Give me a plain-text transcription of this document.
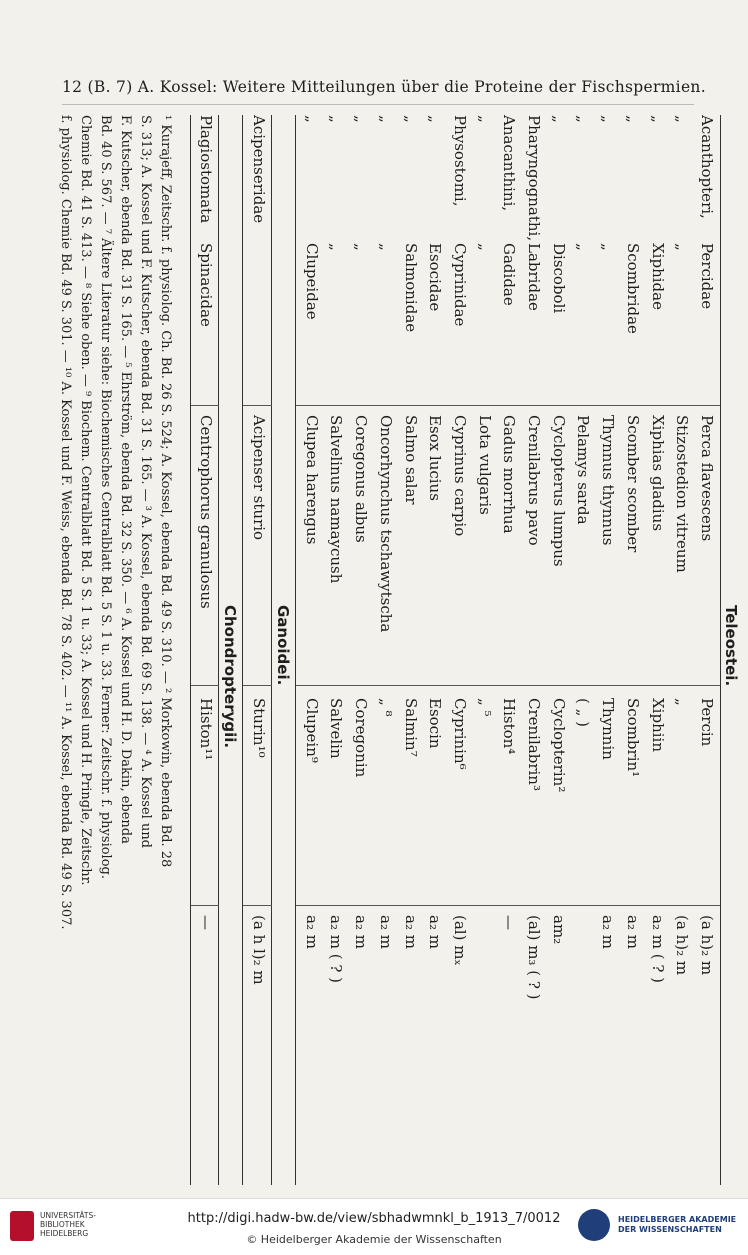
12 (B. 7) A. Kossel: Weitere Mitteilungen über die Proteine der Fischspermien.
Teleostei.
Acanthopteri,
Percidae
Perca flavescens
Percin
(a h)₂ m
„
„
Stizostedion vitreum
„
(a h)₂ m
„
Xiphidae
Xiphias gladius
Xiphiin
a₂ m ( ? )
„
Scombridae
Scomber scomber
Scombrin¹
a₂ m
„
„
Thynnus thynnus
Thynnin
a₂ m
„
„
Pelamys sarda
( „ )
„
Discoboli
Cyclopterus lumpus
Cyclopterin²
am₂
Pharyngognathi,
Labridae
Crenilabrus pavo
Crenilabrin³
(al) m₃ ( ? )
Anacanthini,
Gadidae
Gadus morrhua
Histon⁴
—
„
„
Lota vulgaris
„ ⁵
Physostomi,
Cyprinidae
Cyprinus carpio
Cyprinin⁶
(al) mₓ
„
Esocidae
Esox lucius
Esocin
a₂ m
„
Salmonidae
Salmo salar
Salmin⁷
a₂ m
„
„
Oncorhynchus tschawytscha
„ ⁸
a₂ m
„
„
Coregonus albus
Coregonin
a₂ m
„
„
Salvelinus namaycush
Salvelin
a₂ m ( ? )
„
Clupeidae
Clupea harengus
Clupein⁹
a₂ m
Ganoidei.
Acipenseridae
Acipenser sturio
Sturin¹⁰
(a h l)₂ m
Chondropterygii.
Plagiostomata
Spinacidae
Centrophorus granulosus
Histon¹¹
—
¹ Kurajeff, Zeitschr. f. physiolog. Ch. Bd. 26 S. 524; A. Kossel, ebenda Bd. 49 S. 310. — ² Morkowin, ebenda Bd. 28
S. 313; A. Kossel und F. Kutscher, ebenda Bd. 31 S. 165. — ³ A. Kossel, ebenda Bd. 69 S. 138. — ⁴ A. Kossel und
F. Kutscher, ebenda Bd. 31 S. 165. — ⁵ Ehrström, ebenda Bd. 32 S. 350. — ⁶ A. Kossel und H. D. Dakin, ebenda
Bd. 40 S. 567. — ⁷ Ältere Literatur siehe: Biochemisches Centralblatt Bd. 5 S. 1 u. 33. Ferner: Zeitschr. f. physiolog.
Chemie Bd. 41 S. 413. — ⁸ Siehe oben. — ⁹ Biochem. Centralblatt Bd. 5 S. 1 u. 33; A. Kossel und H. Pringle, Zeitschr.
f. physiolog. Chemie Bd. 49 S. 301. — ¹⁰ A. Kossel und F. Weiss, ebenda Bd. 78 S. 402. — ¹¹ A. Kossel, ebenda Bd. 49 S. 307.
UNIVERSITÄTS-
BIBLIOTHEK
HEIDELBERG
http://digi.hadw-bw.de/view/sbhadwmnkl_b_1913_7/0012
© Heidelberger Akademie der Wissenschaften
HEIDELBERGER AKADEMIE
DER WISSENSCHAFTEN
